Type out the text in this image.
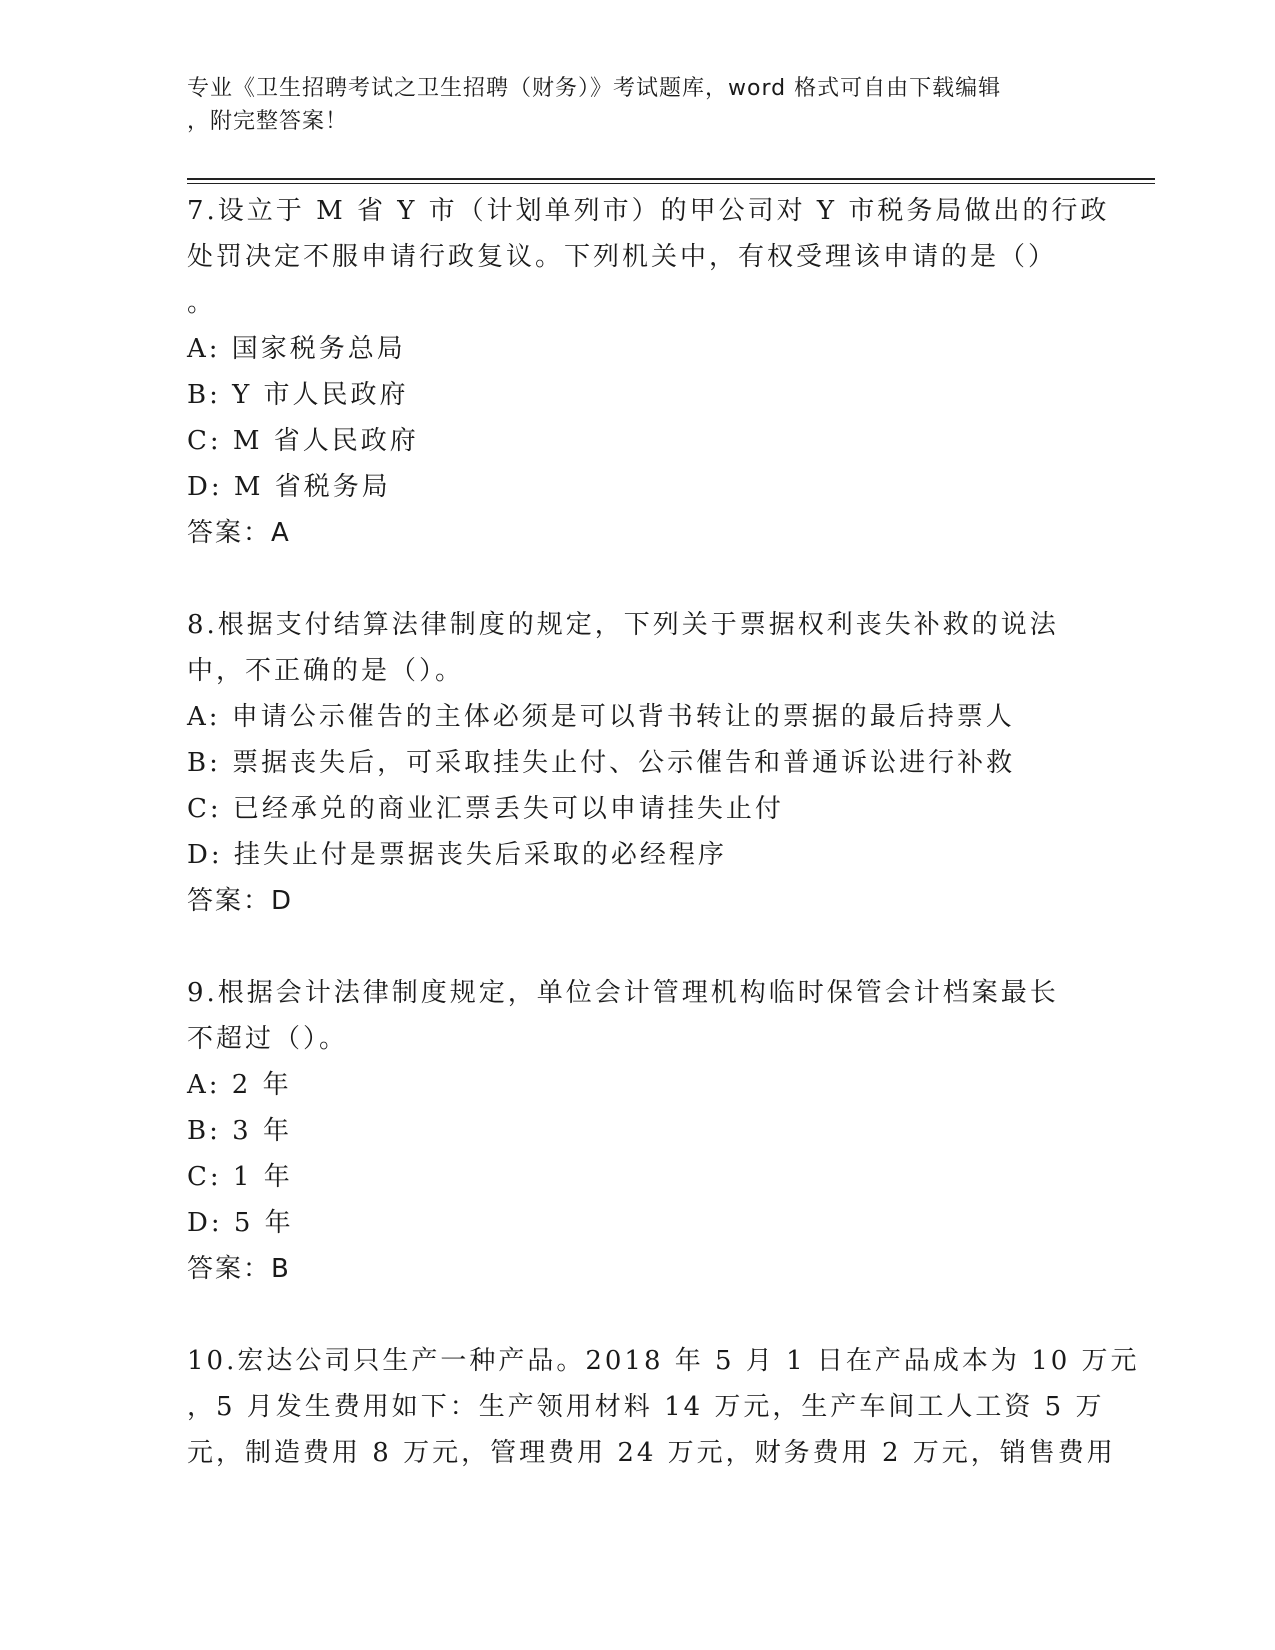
专业《卫生招聘考试之卫生招聘（财务）》考试题库，word 格式可自由下载编辑
，附完整答案！
7.设立于 M 省 Y 市（计划单列市）的甲公司对 Y 市税务局做出的行政
处罚决定不服申请行政复议。下列机关中，有权受理该申请的是（）
。
A: 国家税务总局
B: Y 市人民政府
C: M 省人民政府
D: M 省税务局
答案：A
8.根据支付结算法律制度的规定，下列关于票据权利丧失补救的说法
中，不正确的是（）。
A: 申请公示催告的主体必须是可以背书转让的票据的最后持票人
B: 票据丧失后，可采取挂失止付、公示催告和普通诉讼进行补救
C: 已经承兑的商业汇票丢失可以申请挂失止付
D: 挂失止付是票据丧失后采取的必经程序
答案：D
9.根据会计法律制度规定，单位会计管理机构临时保管会计档案最长
不超过（）。
A: 2 年
B: 3 年
C: 1 年
D: 5 年
答案：B
10.宏达公司只生产一种产品。2018 年 5 月 1 日在产品成本为 10 万元
，5 月发生费用如下：生产领用材料 14 万元，生产车间工人工资 5 万
元，制造费用 8 万元，管理费用 24 万元，财务费用 2 万元，销售费用
